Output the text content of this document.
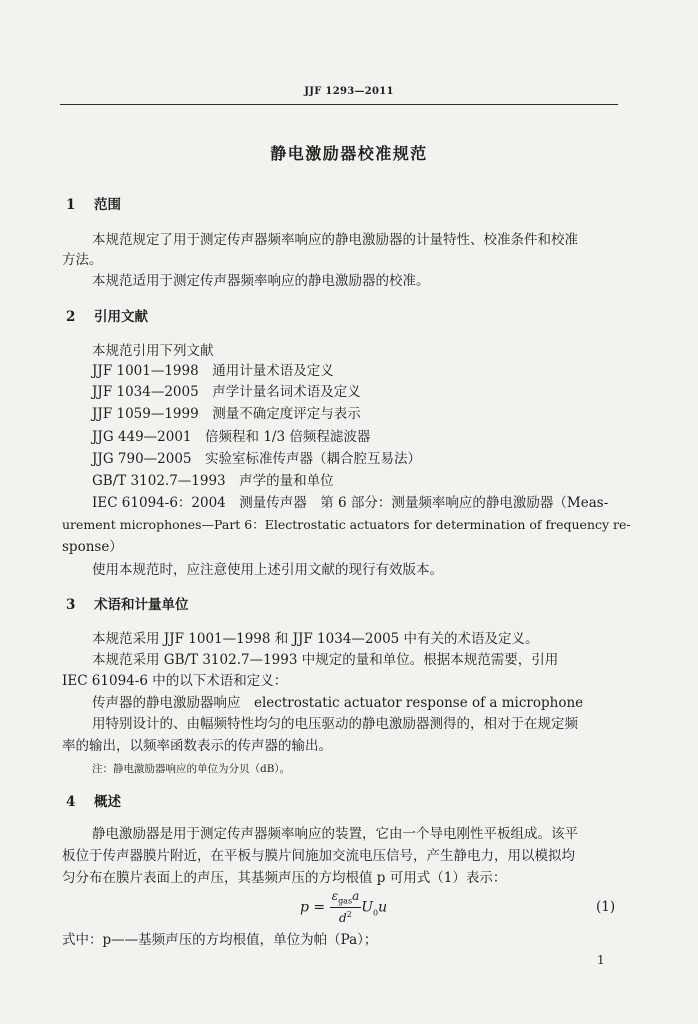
JJF 1293—2011
静电激励器校准规范
1 范围
本规范规定了用于测定传声器频率响应的静电激励器的计量特性、校准条件和校准
方法。
本规范适用于测定传声器频率响应的静电激励器的校准。
2 引用文献
本规范引用下列文献
JJF 1001—1998　通用计量术语及定义
JJF 1034—2005　声学计量名词术语及定义
JJF 1059—1999　测量不确定度评定与表示
JJG 449—2001　倍频程和 1/3 倍频程滤波器
JJG 790—2005　实验室标准传声器（耦合腔互易法）
GB/T 3102.7—1993　声学的量和单位
IEC 61094-6：2004　测量传声器　第 6 部分：测量频率响应的静电激励器（Meas-
urement microphones—Part 6：Electrostatic actuators for determination of frequency re-
sponse）
使用本规范时，应注意使用上述引用文献的现行有效版本。
3 术语和计量单位
本规范采用 JJF 1001—1998 和 JJF 1034—2005 中有关的术语及定义。
本规范采用 GB/T 3102.7—1993 中规定的量和单位。根据本规范需要，引用
IEC 61094-6 中的以下术语和定义：
传声器的静电激励器响应　electrostatic actuator response of a microphone
用特别设计的、由幅频特性均匀的电压驱动的静电激励器测得的，相对于在规定频
率的输出，以频率函数表示的传声器的输出。
注：静电激励器响应的单位为分贝（dB）。
4 概述
静电激励器是用于测定传声器频率响应的装置，它由一个导电刚性平板组成。该平
板位于传声器膜片附近，在平板与膜片间施加交流电压信号，产生静电力，用以模拟均
匀分布在膜片表面上的声压，其基频声压的方均根值 p 可用式（1）表示：
$p = \frac{\varepsilon_{gas}a}{d^2} U_0u$	(1)
式中：p——基频声压的方均根值，单位为帕（Pa）；
1
